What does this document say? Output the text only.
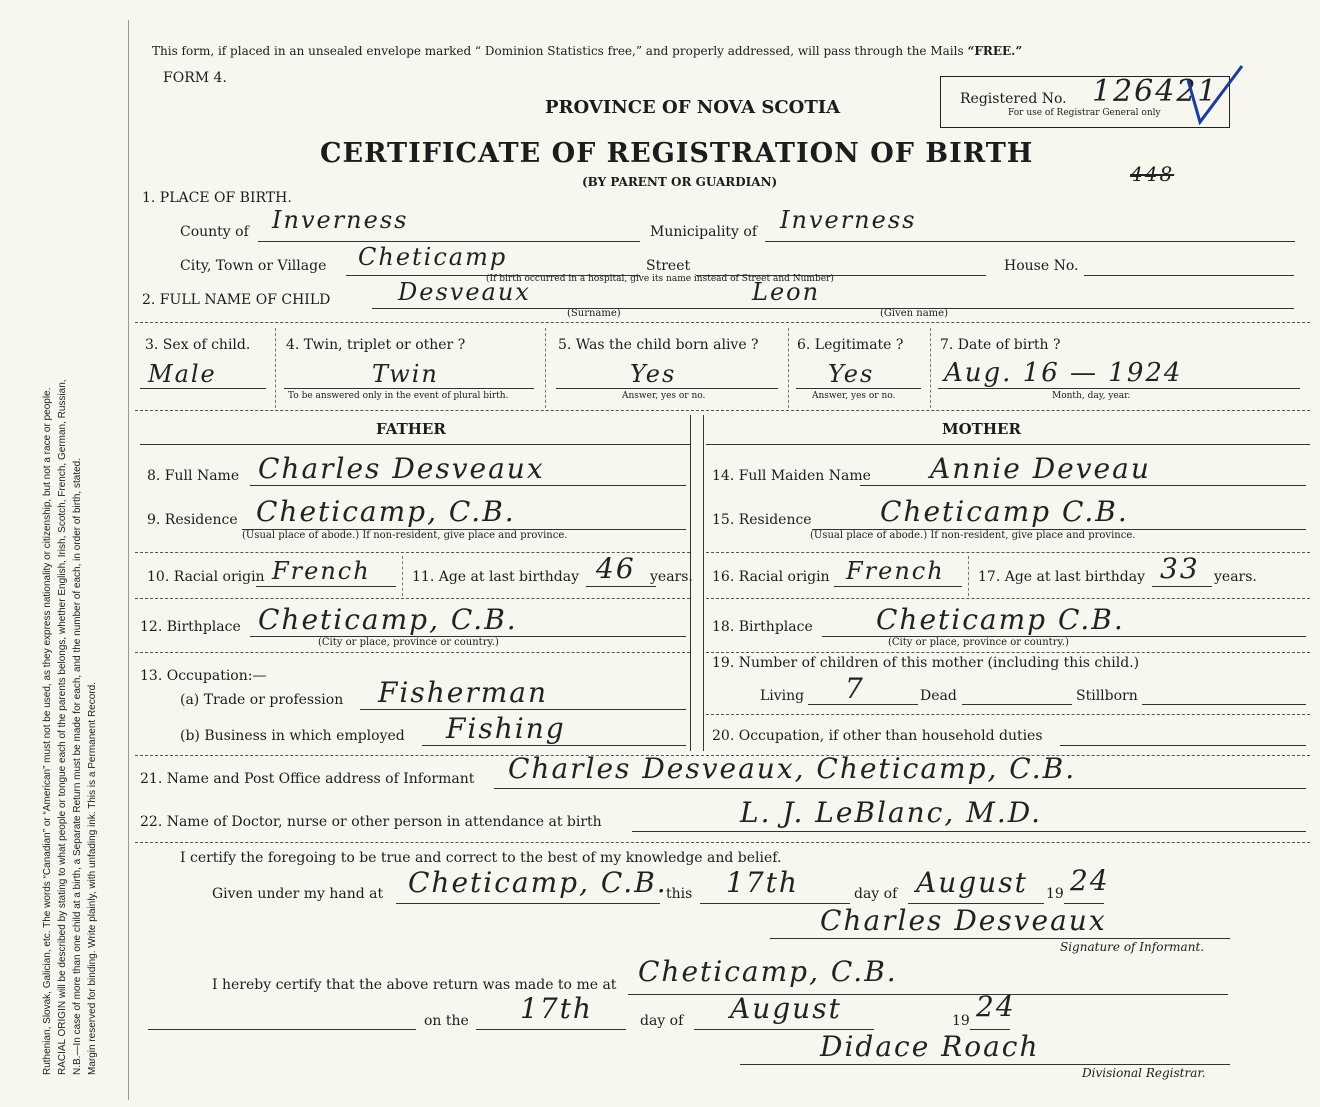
Ruthenian, Slovak, Galician, etc. The words “Canadian” or “American” must not be used, as they express nationality or citizenship, but not a race or people. RACIAL ORIGIN will be described by stating to what people or tongue each of the parents belongs, whether English, Irish, Scotch, French, German, Russian, N.B.—In case of more than one child at a birth, a Separate Return must be made for each, and the number of each, in order of birth, stated. Margin reserved for binding. Write plainly, with unfading ink. This is a Permanent Record.
This form, if placed in an unsealed envelope marked “ Dominion Statistics free,” and properly addressed, will pass through the Mails “FREE.”
FORM 4.
PROVINCE OF NOVA SCOTIA
CERTIFICATE OF REGISTRATION OF BIRTH
(BY PARENT OR GUARDIAN)
Registered No. 126421
For use of Registrar General only
448
1. PLACE OF BIRTH.
County of Inverness	Municipality of Inverness
City, Town or Village Cheticamp	Street	House No.
(If birth occurred in a hospital, give its name instead of Street and Number)
2. FULL NAME OF CHILD	Desveaux	Leon
(Surname)	(Given name)
3. Sex of child.
Male
4. Twin, triplet or other ?
Twin
To be answered only in the event of plural birth.
5. Was the child born alive ?
Yes
Answer, yes or no.
6. Legitimate ?
Yes
Answer, yes or no.
7. Date of birth ?
Aug. 16 — 1924
Month, day, year.
FATHER	MOTHER
8. Full Name Charles Desveaux
9. Residence Cheticamp, C.B.
(Usual place of abode.) If non-resident, give place and province.
10. Racial origin French	11. Age at last birthday 46 years.
12. Birthplace Cheticamp, C.B.
(City or place, province or country.)
13. Occupation:—
(a) Trade or profession Fisherman
(b) Business in which employed Fishing
14. Full Maiden Name Annie Deveau
15. Residence Cheticamp C.B.
(Usual place of abode.) If non-resident, give place and province.
16. Racial origin French 17. Age at last birthday 33 years.
18. Birthplace Cheticamp C.B.
(City or place, province or country.)
19. Number of children of this mother (including this child.)
Living 7	Dead	Stillborn
20. Occupation, if other than household duties
21. Name and Post Office address of Informant Charles Desveaux, Cheticamp, C.B.
22. Name of Doctor, nurse or other person in attendance at birth	L. J. LeBlanc, M.D.
I certify the foregoing to be true and correct to the best of my knowledge and belief.
Given under my hand at Cheticamp, C.B.
this 17th	day of August 19 24
Charles Desveaux
Signature of Informant.
I hereby certify that the above return was made to me at Cheticamp, C.B.
on the 17th	day of August	19 24
Didace Roach
Divisional Registrar.
